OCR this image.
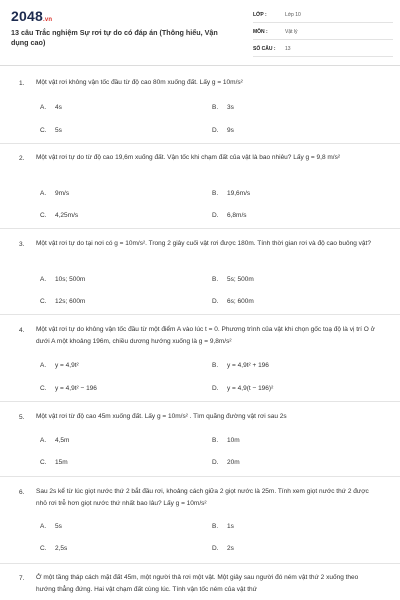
2048.vn
13 câu Trắc nghiệm Sự rơi tự do có đáp án (Thông hiểu, Vận dụng cao)
LỚP :	Lớp 10
MÔN :	Vật lý
SỐ CÂU : 13
1. Một vật rơi không vận tốc đầu từ độ cao 80m xuống đất. Lấy g = 10m/s²
A. 4s	B. 3s
C. 5s	D. 9s
2. Một vật rơi tự do từ độ cao 19,6m xuống đất. Vận tốc khi chạm đất của vật là bao nhiêu? Lấy g = 9,8 m/s²
A. 9m/s	B. 19,6m/s
C. 4,25m/s	D. 6,8m/s
3. Một vật rơi tự do tại nơi có g = 10m/s². Trong 2 giây cuối vật rơi được 180m. Tính thời gian rơi và độ cao buông vật?
A. 10s; 500m	B. 5s; 500m
C. 12s; 600m	D. 6s; 600m
4. Một vật rơi tự do không vận tốc đầu từ một điểm A vào lúc t = 0. Phương trình của vật khi chọn gốc toạ độ là vị trí O ở dưới A một khoảng 196m, chiều dương hướng xuống là g = 9,8m/s²
A. y = 4,9t²	B. y = 4,9t² + 196
C. y = 4,9t² − 196	D. y = 4,9(t − 196)²
5. Một vật rơi từ độ cao 45m xuống đất. Lấy g = 10m/s² . Tìm quãng đường vật rơi sau 2s
A. 4,5m	B. 10m
C. 15m	D. 20m
6. Sau 2s kể từ lúc giọt nước thứ 2 bắt đầu rơi, khoảng cách giữa 2 giọt nước là 25m. Tính xem giọt nước thứ 2 được nhỏ rơi trễ hơn giọt nước thứ nhất bao lâu? Lấy g = 10m/s²
A. 5s	B. 1s
C. 2,5s	D. 2s
7. Ở một tầng tháp cách mặt đất 45m, một người thả rơi một vật. Một giây sau người đó ném vật thứ 2 xuống theo hướng thẳng đứng. Hai vật chạm đất cùng lúc. Tính vận tốc ném của vật thứ
